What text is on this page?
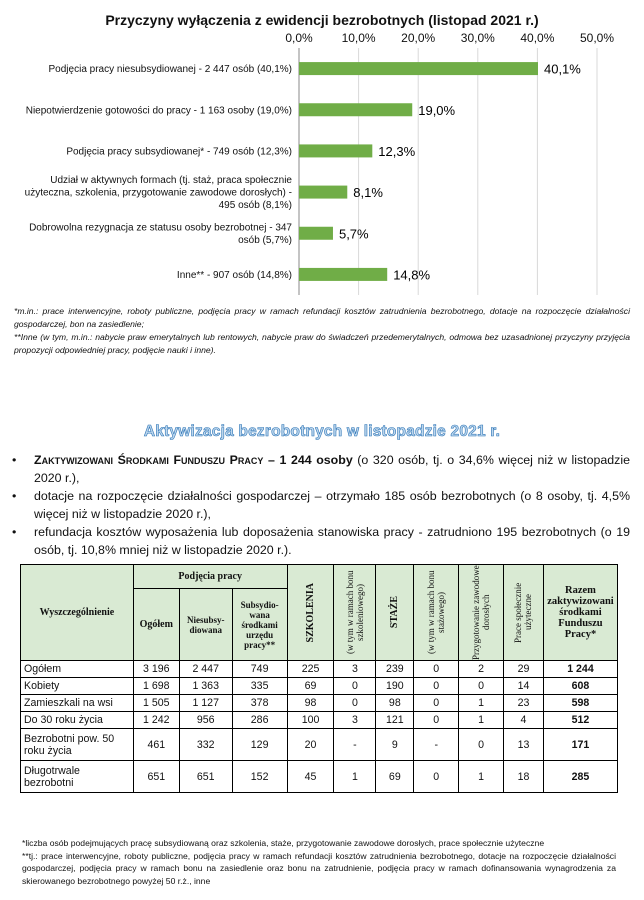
Przyczyny wyłączenia z ewidencji bezrobotnych (listopad 2021 r.)
0,0% 10,0% 20,0% 30,0% 40,0% 50,0%
40,1%
Podjęcia pracy niesubsydiowanej - 2 447 osób (40,1%)
19,0%
Niepotwierdzenie gotowości do pracy - 1 163 osoby (19,0%)
12,3%
Podjęcia pracy subsydiowanej* - 749 osób (12,3%)
8,1%
Udział w aktywnych formach (tj. staż, praca społecznie
użyteczna, szkolenia, przygotowanie zawodowe dorosłych) -
495 osób (8,1%)
5,7%
Dobrowolna rezygnacja ze statusu osoby bezrobotnej - 347
osób (5,7%)
14,8%
Inne** - 907 osób (14,8%)
*m.in.: prace interwencyjne, roboty publiczne, podjęcia pracy w ramach refundacji kosztów zatrudnienia bezrobotnego, dotacje na rozpoczęcie działalności gospodarczej, bon na zasiedlenie;
**Inne (w tym, m.in.: nabycie praw emerytalnych lub rentowych, nabycie praw do świadczeń przedemerytalnych, odmowa bez uzasadnionej przyczyny przyjęcia propozycji odpowiedniej pracy, podjęcie nauki i inne).
Aktywizacja bezrobotnych w listopadzie 2021 r.
• Zaktywizowani Środkami Funduszu Pracy – 1 244 osoby (o 320 osób, tj. o 34,6% więcej niż w listopadzie 2020 r.),
• dotacje na rozpoczęcie działalności gospodarczej – otrzymało 185 osób bezrobotnych (o 8 osoby, tj. 4,5% więcej niż w listopadzie 2020 r.),
• refundacja kosztów wyposażenia lub doposażenia stanowiska pracy - zatrudniono 195 bezrobotnych (o 19 osób, tj. 10,8% mniej niż w listopadzie 2020 r.).
Wyszczególnienie	Podjęcia pracy			SZKOLENIA	(w tym w ramach bonu szkoleniowego)	STAŻE	(w tym w ramach bonu stażowego)	Przygotowanie zawodowe dorosłych	Prace społecznie użyteczne	Razem zaktywizowani środkami Funduszu Pracy*
	Ogółem	Niesubsy-diowana	Subsydio-wana środkami urzędu pracy**							
Ogółem	3 196	2 447	749	225	3	239	0	2	29	1 244
Kobiety	1 698	1 363	335	69	0	190	0	0	14	608
Zamieszkali na wsi	1 505	1 127	378	98	0	98	0	1	23	598
Do 30 roku życia	1 242	956	286	100	3	121	0	1	4	512
Bezrobotni pow. 50 roku życia	461	332	129	20	-	9	-	0	13	171
Długotrwale bezrobotni	651	651	152	45	1	69	0	1	18	285
*liczba osób podejmujących pracę subsydiowaną oraz szkolenia, staże, przygotowanie zawodowe dorosłych, prace społecznie użyteczne
**tj.: prace interwencyjne, roboty publiczne, podjęcia pracy w ramach refundacji kosztów zatrudnienia bezrobotnego, dotacje na rozpoczęcie działalności gospodarczej, podjęcia pracy w ramach bonu na zasiedlenie oraz bonu na zatrudnienie, podjęcia pracy w ramach dofinansowania wynagrodzenia za skierowanego bezrobotnego powyżej 50 r.ż., inne
